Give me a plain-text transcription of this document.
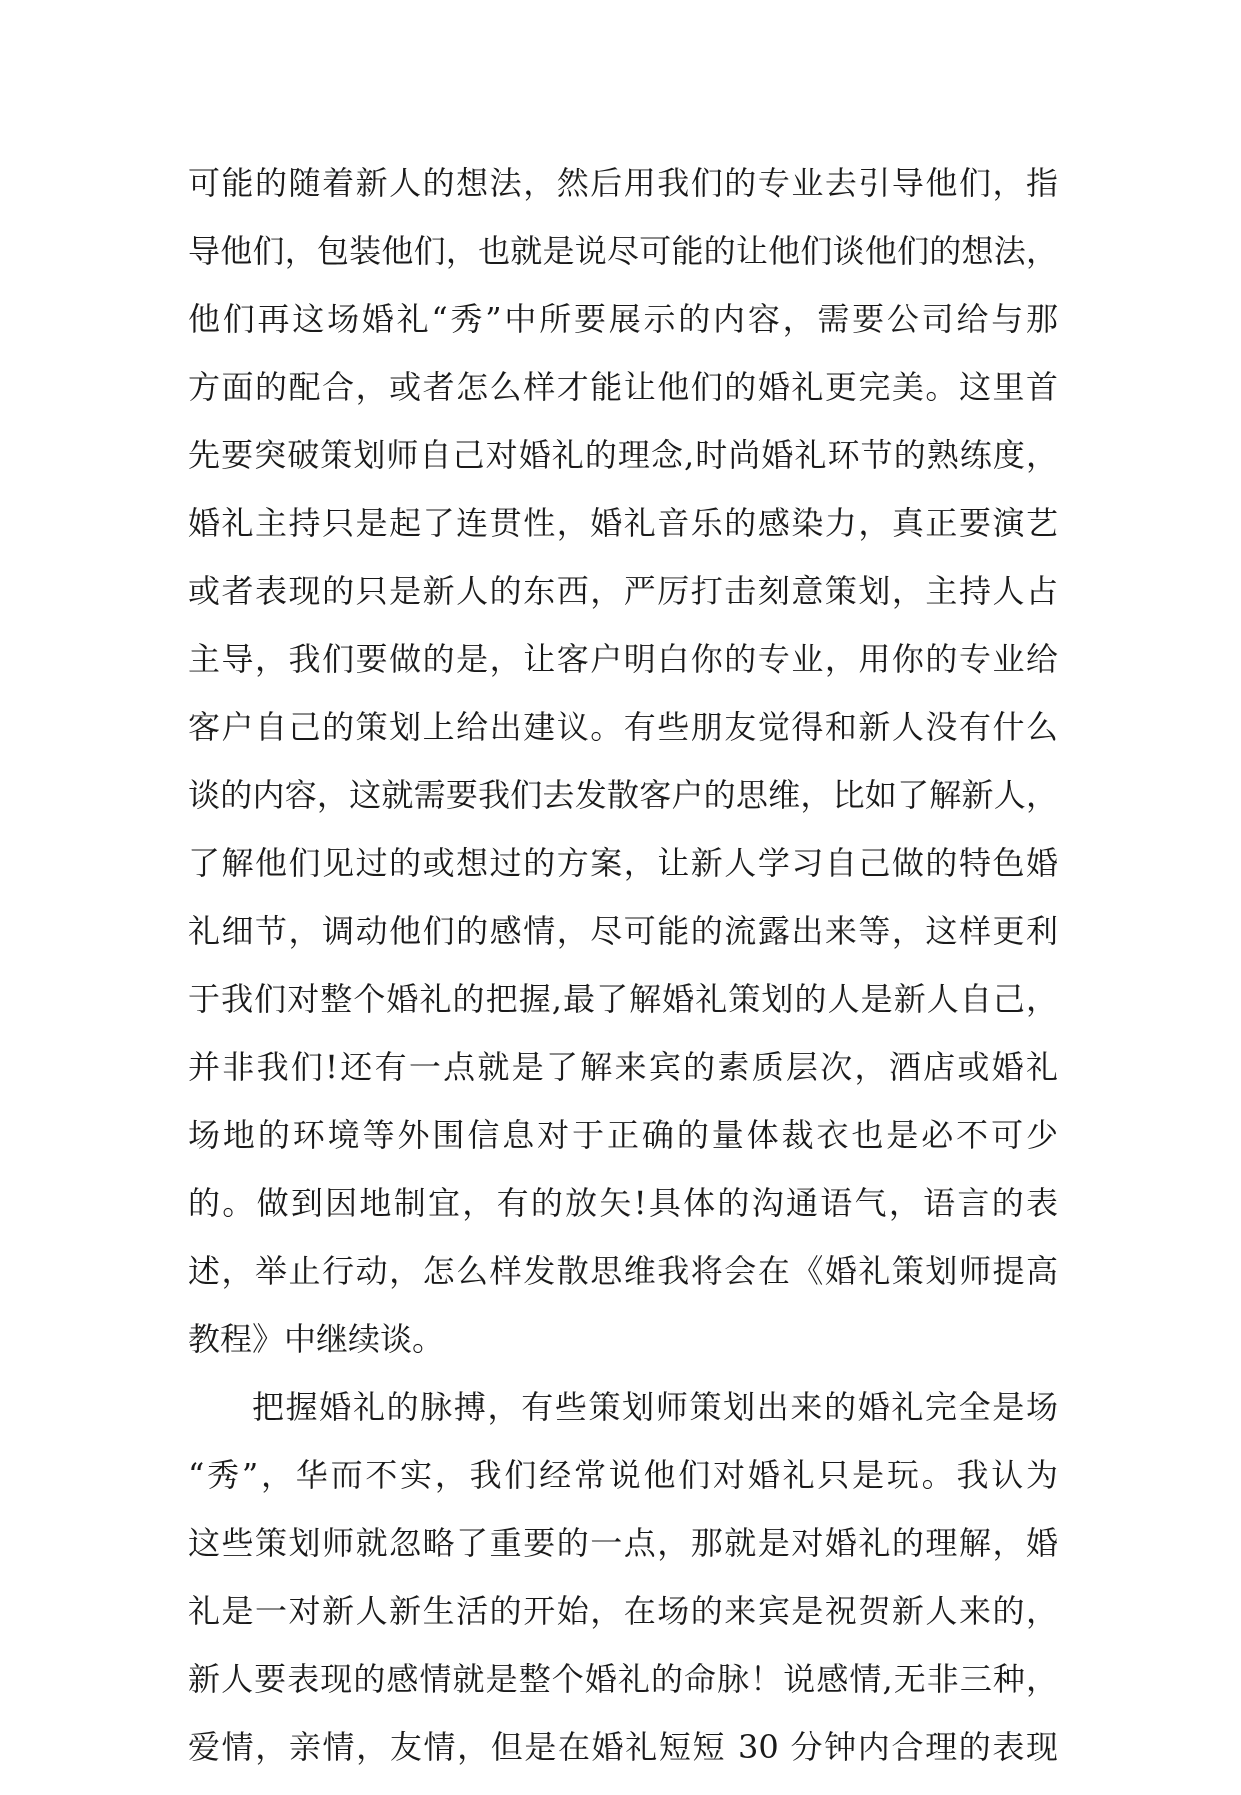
可能的随着新人的想法，然后用我们的专业去引导他们，指
导他们，包装他们，也就是说尽可能的让他们谈他们的想法，
他们再这场婚礼“秀”中所要展示的内容，需要公司给与那
方面的配合，或者怎么样才能让他们的婚礼更完美。这里首
先要突破策划师自己对婚礼的理念,时尚婚礼环节的熟练度，
婚礼主持只是起了连贯性，婚礼音乐的感染力，真正要演艺
或者表现的只是新人的东西，严厉打击刻意策划，主持人占
主导，我们要做的是，让客户明白你的专业，用你的专业给
客户自己的策划上给出建议。有些朋友觉得和新人没有什么
谈的内容，这就需要我们去发散客户的思维，比如了解新人，
了解他们见过的或想过的方案，让新人学习自己做的特色婚
礼细节，调动他们的感情，尽可能的流露出来等，这样更利
于我们对整个婚礼的把握,最了解婚礼策划的人是新人自己，
并非我们!还有一点就是了解来宾的素质层次，酒店或婚礼
场地的环境等外围信息对于正确的量体裁衣也是必不可少
的。做到因地制宜，有的放矢!具体的沟通语气，语言的表
述，举止行动，怎么样发散思维我将会在《婚礼策划师提高
教程》中继续谈。
把握婚礼的脉搏，有些策划师策划出来的婚礼完全是场
“秀”，华而不实，我们经常说他们对婚礼只是玩。我认为
这些策划师就忽略了重要的一点，那就是对婚礼的理解，婚
礼是一对新人新生活的开始，在场的来宾是祝贺新人来的，
新人要表现的感情就是整个婚礼的命脉！说感情,无非三种，
爱情，亲情，友情，但是在婚礼短短 30 分钟内合理的表现
